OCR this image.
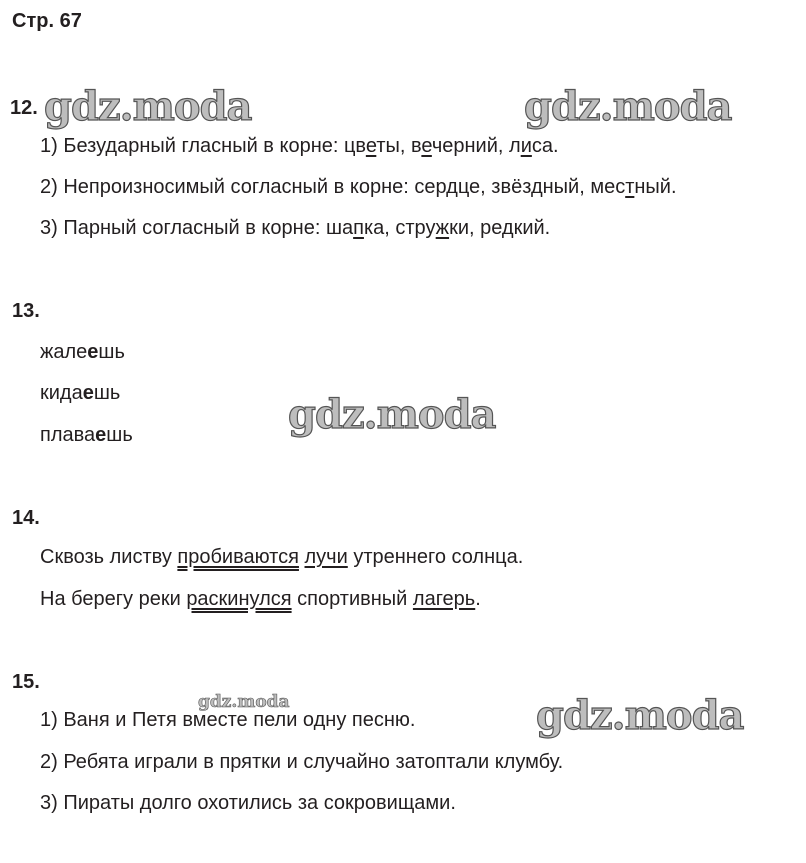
Стр. 67
12.
1) Безударный гласный в корне: цветы, вечерний, лиса.
2) Непроизносимый согласный в корне: сердце, звёздный, местный.
3) Парный согласный в корне: шапка, стружки, редкий.
13.
жалеешь
кидаешь
плаваешь
14.
Сквозь листву пробиваются лучи утреннего солнца.
На берегу реки раскинулся спортивный лагерь.
15.
1) Ваня и Петя вместе пели одну песню.
2) Ребята играли в прятки и случайно затоптали клумбу.
3) Пираты долго охотились за сокровищами.
gdz.moda	gdz.moda
gdz.moda
gdz.moda	gdz.moda
